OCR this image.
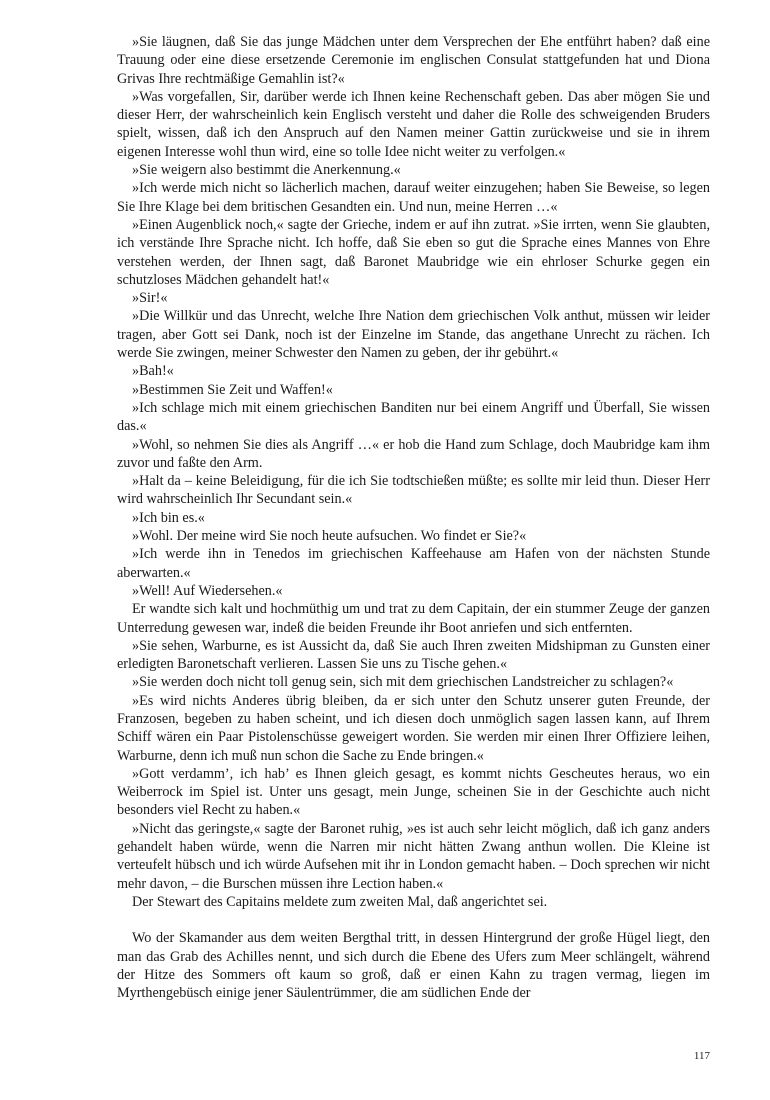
»Sie läugnen, daß Sie das junge Mädchen unter dem Versprechen der Ehe entführt haben? daß eine Trauung oder eine diese ersetzende Ceremonie im englischen Consulat stattgefunden hat und Diona Grivas Ihre rechtmäßige Gemahlin ist?«

»Was vorgefallen, Sir, darüber werde ich Ihnen keine Rechenschaft geben. Das aber mögen Sie und dieser Herr, der wahrscheinlich kein Englisch versteht und daher die Rolle des schweigenden Bruders spielt, wissen, daß ich den Anspruch auf den Namen meiner Gattin zurückweise und sie in ihrem eigenen Interesse wohl thun wird, eine so tolle Idee nicht weiter zu verfolgen.«

»Sie weigern also bestimmt die Anerkennung.«

»Ich werde mich nicht so lächerlich machen, darauf weiter einzugehen; haben Sie Beweise, so legen Sie Ihre Klage bei dem britischen Gesandten ein. Und nun, meine Herren …«

»Einen Augenblick noch,« sagte der Grieche, indem er auf ihn zutrat. »Sie irrten, wenn Sie glaubten, ich verstände Ihre Sprache nicht. Ich hoffe, daß Sie eben so gut die Sprache eines Mannes von Ehre verstehen werden, der Ihnen sagt, daß Baronet Maubridge wie ein ehrloser Schurke gegen ein schutzloses Mädchen gehandelt hat!«

»Sir!«

»Die Willkür und das Unrecht, welche Ihre Nation dem griechischen Volk anthut, müssen wir leider tragen, aber Gott sei Dank, noch ist der Einzelne im Stande, das angethane Unrecht zu rächen. Ich werde Sie zwingen, meiner Schwester den Namen zu geben, der ihr gebührt.«

»Bah!«

»Bestimmen Sie Zeit und Waffen!«

»Ich schlage mich mit einem griechischen Banditen nur bei einem Angriff und Überfall, Sie wissen das.«

»Wohl, so nehmen Sie dies als Angriff …« er hob die Hand zum Schlage, doch Maubridge kam ihm zuvor und faßte den Arm.

»Halt da – keine Beleidigung, für die ich Sie todtschießen müßte; es sollte mir leid thun. Dieser Herr wird wahrscheinlich Ihr Secundant sein.«

»Ich bin es.«

»Wohl. Der meine wird Sie noch heute aufsuchen. Wo findet er Sie?«

»Ich werde ihn in Tenedos im griechischen Kaffeehause am Hafen von der nächsten Stunde aberwarten.«

»Well! Auf Wiedersehen.«

Er wandte sich kalt und hochmüthig um und trat zu dem Capitain, der ein stummer Zeuge der ganzen Unterredung gewesen war, indeß die beiden Freunde ihr Boot anriefen und sich entfernten.

»Sie sehen, Warburne, es ist Aussicht da, daß Sie auch Ihren zweiten Midshipman zu Gunsten einer erledigten Baronetschaft verlieren. Lassen Sie uns zu Tische gehen.«

»Sie werden doch nicht toll genug sein, sich mit dem griechischen Landstreicher zu schlagen?«

»Es wird nichts Anderes übrig bleiben, da er sich unter den Schutz unserer guten Freunde, der Franzosen, begeben zu haben scheint, und ich diesen doch unmöglich sagen lassen kann, auf Ihrem Schiff wären ein Paar Pistolenschüsse geweigert worden. Sie werden mir einen Ihrer Offiziere leihen, Warburne, denn ich muß nun schon die Sache zu Ende bringen.«

»Gott verdamm’, ich hab’ es Ihnen gleich gesagt, es kommt nichts Gescheutes heraus, wo ein Weiberrock im Spiel ist. Unter uns gesagt, mein Junge, scheinen Sie in der Geschichte auch nicht besonders viel Recht zu haben.«

»Nicht das geringste,« sagte der Baronet ruhig, »es ist auch sehr leicht möglich, daß ich ganz anders gehandelt haben würde, wenn die Narren mir nicht hätten Zwang anthun wollen. Die Kleine ist verteufelt hübsch und ich würde Aufsehen mit ihr in London gemacht haben. – Doch sprechen wir nicht mehr davon, – die Burschen müssen ihre Lection haben.«

Der Stewart des Capitains meldete zum zweiten Mal, daß angerichtet sei.

Wo der Skamander aus dem weiten Bergthal tritt, in dessen Hintergrund der große Hügel liegt, den man das Grab des Achilles nennt, und sich durch die Ebene des Ufers zum Meer schlängelt, während der Hitze des Sommers oft kaum so groß, daß er einen Kahn zu tragen vermag, liegen im Myrthengebüsch einige jener Säulentrümmer, die am südlichen Ende der

117
